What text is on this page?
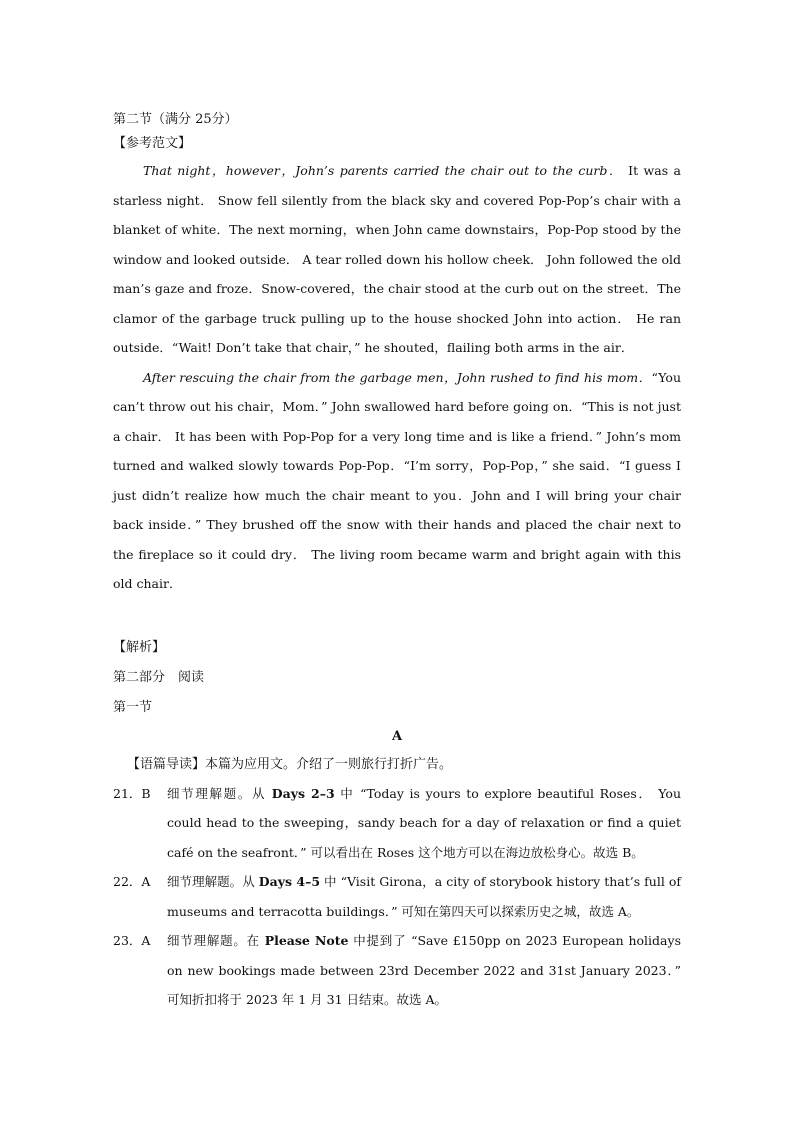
第二节（满分 25分）

【参考范文】

That night，however，John’s parents carried the chair out to the curb． It was a starless night． Snow fell silently from the black sky and covered Pop-Pop’s chair with a blanket of white．The next morning，when John came downstairs，Pop-Pop stood by the window and looked outside． A tear rolled down his hollow cheek． John followed the old man’s gaze and froze．Snow-covered，the chair stood at the curb out on the street．The clamor of the garbage truck pulling up to the house shocked John into action． He ran outside．“Wait! Don’t take that chair，” he shouted，flailing both arms in the air．

After rescuing the chair from the garbage men，John rushed to find his mom．“You can’t throw out his chair，Mom．” John swallowed hard before going on．“This is not just a chair． It has been with Pop-Pop for a very long time and is like a friend．” John’s mom turned and walked slowly towards Pop-Pop．“I’m sorry，Pop-Pop，” she said．“I guess I just didn’t realize how much the chair meant to you．John and I will bring your chair back inside．” They brushed off the snow with their hands and placed the chair next to the fireplace so it could dry． The living room became warm and bright again with this old chair．

【解析】

第二部分　阅读

第一节

A

【语篇导读】本篇为应用文。介绍了一则旅行打折广告。

21．B	细节理解题。从 Days 2–3 中 “Today is yours to explore beautiful Roses． You could head to the sweeping，sandy beach for a day of relaxation or find a quiet café on the seafront．” 可以看出在 Roses 这个地方可以在海边放松身心。故选 B。
22．A	细节理解题。从 Days 4–5 中 “Visit Girona，a city of storybook history that’s full of museums and terracotta buildings．” 可知在第四天可以探索历史之城，故选 A。
23．A	细节理解题。在 Please Note 中提到了 “Save £150pp on 2023 European holidays on new bookings made between 23rd December 2022 and 31st January 2023．” 可知折扣将于 2023 年 1 月 31 日结束。故选 A。
